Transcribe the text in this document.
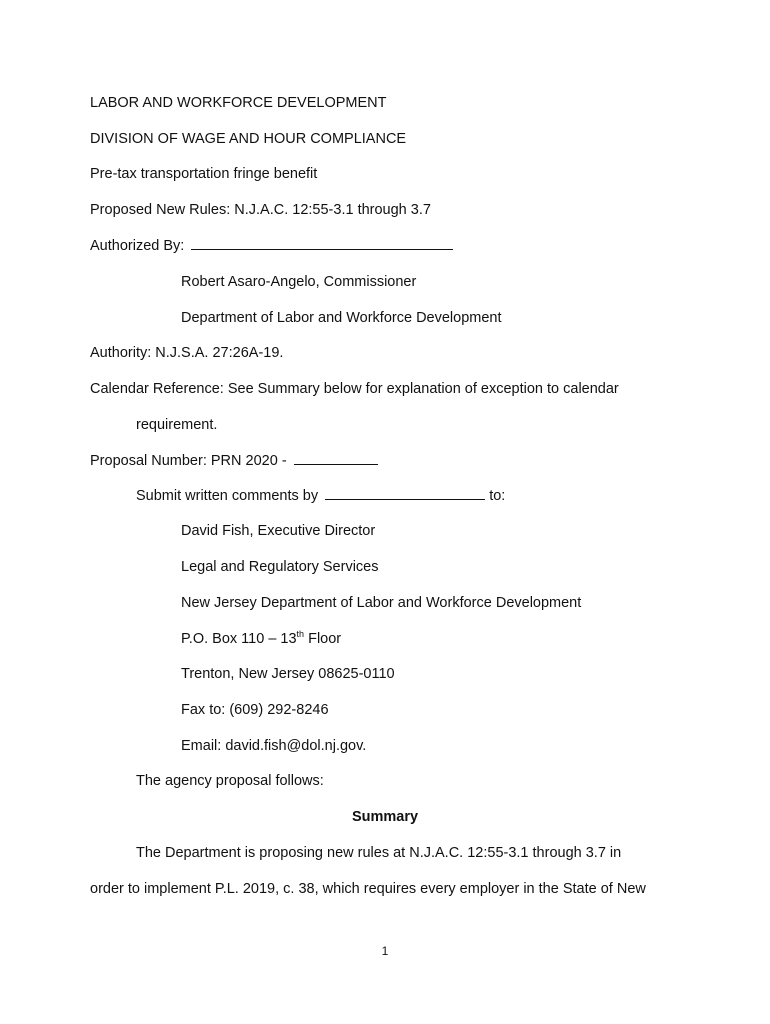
LABOR AND WORKFORCE DEVELOPMENT
DIVISION OF WAGE AND HOUR COMPLIANCE
Pre-tax transportation fringe benefit
Proposed New Rules: N.J.A.C. 12:55-3.1 through 3.7
Authorized By:
Robert Asaro-Angelo, Commissioner
Department of Labor and Workforce Development
Authority: N.J.S.A. 27:26A-19.
Calendar Reference: See Summary below for explanation of exception to calendar
requirement.
Proposal Number: PRN 2020 -
Submit written comments by	to:
David Fish, Executive Director
Legal and Regulatory Services
New Jersey Department of Labor and Workforce Development
P.O. Box 110 – 13th Floor
Trenton, New Jersey 08625-0110
Fax to: (609) 292-8246
Email: david.fish@dol.nj.gov.
The agency proposal follows:
Summary
The Department is proposing new rules at N.J.A.C. 12:55-3.1 through 3.7 in
order to implement P.L. 2019, c. 38, which requires every employer in the State of New
1
